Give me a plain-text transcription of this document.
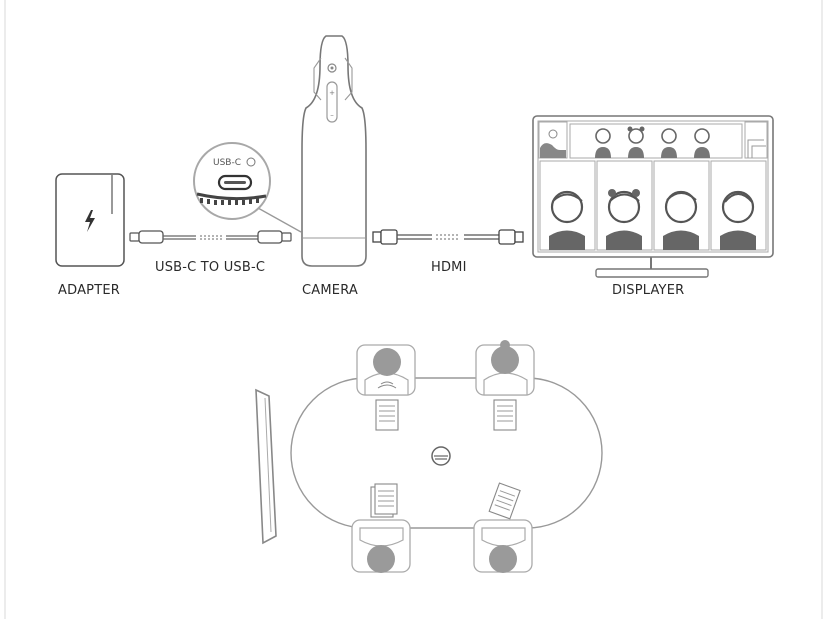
USB-C
+
–
ADAPTER
USB-C TO USB-C
CAMERA
HDMI
DISPLAYER
